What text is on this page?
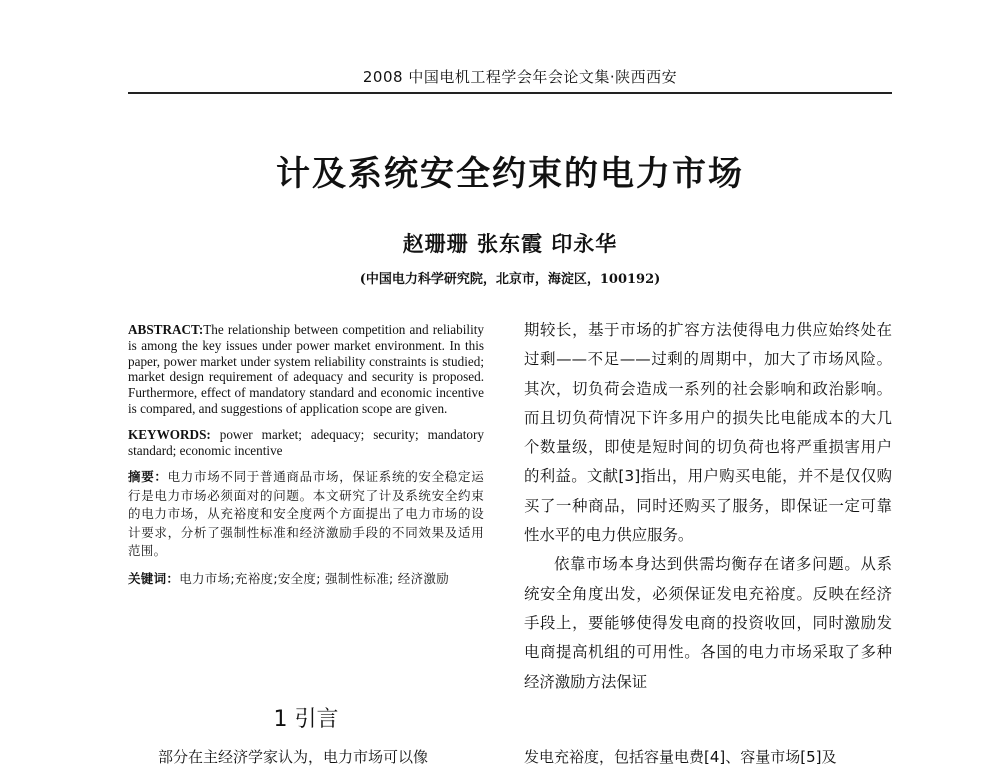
2008 中国电机工程学会年会论文集·陕西西安
计及系统安全约束的电力市场
赵珊珊 张东霞 印永华
(中国电力科学研究院，北京市，海淀区，100192)

ABSTRACT:The relationship between competition and reliability is among the key issues under power market environment. In this paper, power market under system reliability constraints is studied; market design requirement of adequacy and security is proposed. Furthermore, effect of mandatory standard and economic incentive is compared, and suggestions of application scope are given.

KEYWORDS: power market; adequacy; security; mandatory standard; economic incentive

摘要：电力市场不同于普通商品市场，保证系统的安全稳定运行是电力市场必须面对的问题。本文研究了计及系统安全约束的电力市场，从充裕度和安全度两个方面提出了电力市场的设计要求，分析了强制性标准和经济激励手段的不同效果及适用范围。

关键词：电力市场;充裕度;安全度; 强制性标准; 经济激励

1 引言
部分在主经济学家认为，电力市场可以像

期较长，基于市场的扩容方法使得电力供应始终处在过剩——不足——过剩的周期中，加大了市场风险。其次，切负荷会造成一系列的社会影响和政治影响。而且切负荷情况下许多用户的损失比电能成本的大几个数量级，即使是短时间的切负荷也将严重损害用户的利益。文献[3]指出，用户购买电能，并不是仅仅购买了一种商品，同时还购买了服务，即保证一定可靠性水平的电力供应服务。

依靠市场本身达到供需均衡存在诸多问题。从系统安全角度出发，必须保证发电充裕度。反映在经济手段上，要能够使得发电商的投资收回，同时激励发电商提高机组的可用性。各国的电力市场采取了多种经济激励方法保证

发电充裕度，包括容量电费[4]、容量市场[5]及
